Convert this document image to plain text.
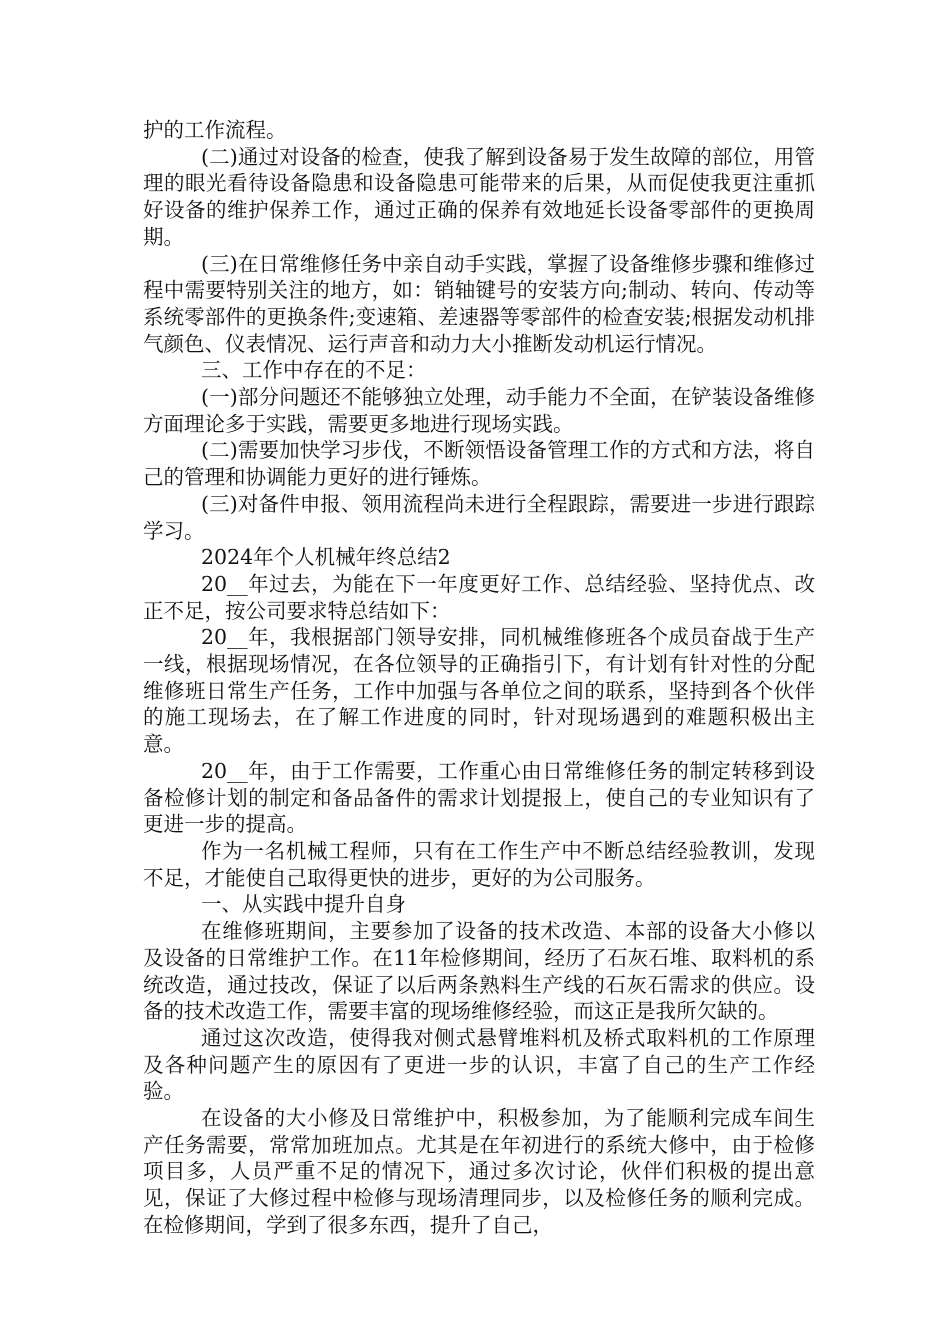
护的工作流程。

(二)通过对设备的检查，使我了解到设备易于发生故障的部位，用管理的眼光看待设备隐患和设备隐患可能带来的后果，从而促使我更注重抓好设备的维护保养工作，通过正确的保养有效地延长设备零部件的更换周期。

(三)在日常维修任务中亲自动手实践，掌握了设备维修步骤和维修过程中需要特别关注的地方，如：销轴键号的安装方向;制动、转向、传动等系统零部件的更换条件;变速箱、差速器等零部件的检查安装;根据发动机排气颜色、仪表情况、运行声音和动力大小推断发动机运行情况。

三、工作中存在的不足：

(一)部分问题还不能够独立处理，动手能力不全面，在铲装设备维修方面理论多于实践，需要更多地进行现场实践。

(二)需要加快学习步伐，不断领悟设备管理工作的方式和方法，将自己的管理和协调能力更好的进行锤炼。

(三)对备件申报、领用流程尚未进行全程跟踪，需要进一步进行跟踪学习。

2024年个人机械年终总结2

20__年过去，为能在下一年度更好工作、总结经验、坚持优点、改正不足，按公司要求特总结如下：

20__年，我根据部门领导安排，同机械维修班各个成员奋战于生产一线，根据现场情况，在各位领导的正确指引下，有计划有针对性的分配维修班日常生产任务，工作中加强与各单位之间的联系，坚持到各个伙伴的施工现场去，在了解工作进度的同时，针对现场遇到的难题积极出主意。

20__年，由于工作需要，工作重心由日常维修任务的制定转移到设备检修计划的制定和备品备件的需求计划提报上，使自己的专业知识有了更进一步的提高。

作为一名机械工程师，只有在工作生产中不断总结经验教训，发现不足，才能使自己取得更快的进步，更好的为公司服务。

一、从实践中提升自身

在维修班期间，主要参加了设备的技术改造、本部的设备大小修以及设备的日常维护工作。在11年检修期间，经历了石灰石堆、取料机的系统改造，通过技改，保证了以后两条熟料生产线的石灰石需求的供应。设备的技术改造工作，需要丰富的现场维修经验，而这正是我所欠缺的。

通过这次改造，使得我对侧式悬臂堆料机及桥式取料机的工作原理及各种问题产生的原因有了更进一步的认识，丰富了自己的生产工作经验。

在设备的大小修及日常维护中，积极参加，为了能顺利完成车间生产任务需要，常常加班加点。尤其是在年初进行的系统大修中，由于检修项目多，人员严重不足的情况下，通过多次讨论，伙伴们积极的提出意见，保证了大修过程中检修与现场清理同步，以及检修任务的顺利完成。在检修期间，学到了很多东西，提升了自己，
